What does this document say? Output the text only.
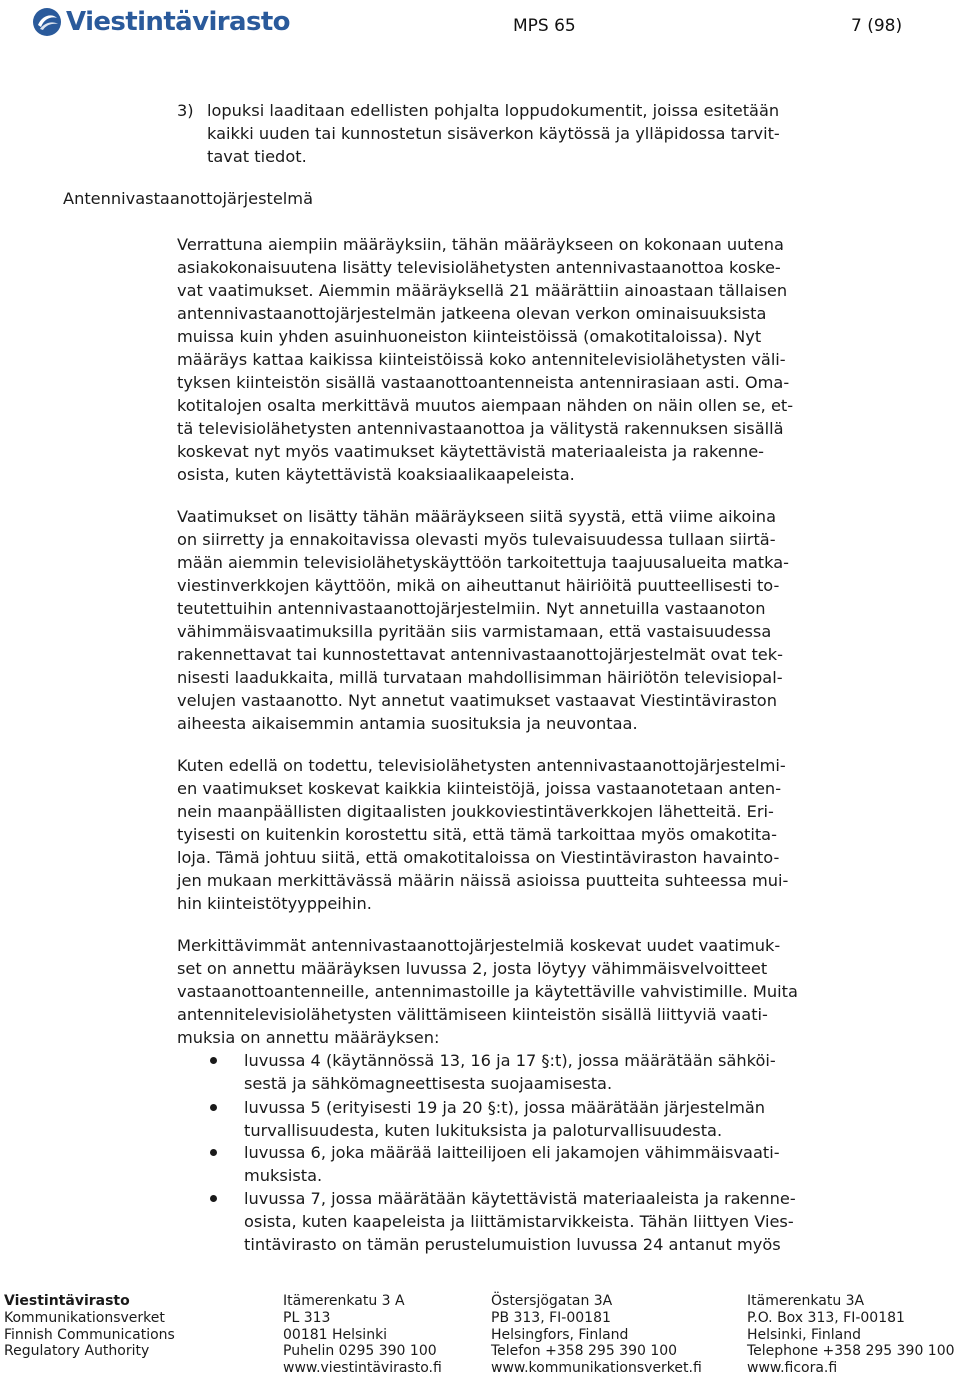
Viestintävirasto	MPS 65	7 (98)
3) lopuksi laaditaan edellisten pohjalta loppudokumentit, joissa esitetään
kaikki uuden tai kunnostetun sisäverkon käytössä ja ylläpidossa tarvit-
tavat tiedot.
Antennivastaanottojärjestelmä

Verrattuna aiempiin määräyksiin, tähän määräykseen on kokonaan uutena
asiakokonaisuutena lisätty televisiolähetysten antennivastaanottoa koske-
vat vaatimukset. Aiemmin määräyksellä 21 määrättiin ainoastaan tällaisen
antennivastaanottojärjestelmän jatkeena olevan verkon ominaisuuksista
muissa kuin yhden asuinhuoneiston kiinteistöissä (omakotitaloissa). Nyt
määräys kattaa kaikissa kiinteistöissä koko antennitelevisiolähetysten väli-
tyksen kiinteistön sisällä vastaanottoantenneista antennirasiaan asti. Oma-
kotitalojen osalta merkittävä muutos aiempaan nähden on näin ollen se, et-
tä televisiolähetysten antennivastaanottoa ja välitystä rakennuksen sisällä
koskevat nyt myös vaatimukset käytettävistä materiaaleista ja rakenne-
osista, kuten käytettävistä koaksiaalikaapeleista.

Vaatimukset on lisätty tähän määräykseen siitä syystä, että viime aikoina
on siirretty ja ennakoitavissa olevasti myös tulevaisuudessa tullaan siirtä-
mään aiemmin televisiolähetyskäyttöön tarkoitettuja taajuusalueita matka-
viestinverkkojen käyttöön, mikä on aiheuttanut häiriöitä puutteellisesti to-
teutettuihin antennivastaanottojärjestelmiin. Nyt annetuilla vastaanoton
vähimmäisvaatimuksilla pyritään siis varmistamaan, että vastaisuudessa
rakennettavat tai kunnostettavat antennivastaanottojärjestelmät ovat tek-
nisesti laadukkaita, millä turvataan mahdollisimman häiriötön televisiopal-
velujen vastaanotto. Nyt annetut vaatimukset vastaavat Viestintäviraston
aiheesta aikaisemmin antamia suosituksia ja neuvontaa.

Kuten edellä on todettu, televisiolähetysten antennivastaanottojärjestelmi-
en vaatimukset koskevat kaikkia kiinteistöjä, joissa vastaanotetaan anten-
nein maanpäällisten digitaalisten joukkoviestintäverkkojen lähetteitä. Eri-
tyisesti on kuitenkin korostettu sitä, että tämä tarkoittaa myös omakotita-
loja. Tämä johtuu siitä, että omakotitaloissa on Viestintäviraston havainto-
jen mukaan merkittävässä määrin näissä asioissa puutteita suhteessa mui-
hin kiinteistötyyppeihin.

Merkittävimmät antennivastaanottojärjestelmiä koskevat uudet vaatimuk-
set on annettu määräyksen luvussa 2, josta löytyy vähimmäisvelvoitteet
vastaanottoantenneille, antennimastoille ja käytettäville vahvistimille. Muita
antennitelevisiolähetysten välittämiseen kiinteistön sisällä liittyviä vaati-
muksia on annettu määräyksen:

luvussa 4 (käytännössä 13, 16 ja 17 §:t), jossa määrätään sähköi-
sestä ja sähkömagneettisesta suojaamisesta.
luvussa 5 (erityisesti 19 ja 20 §:t), jossa määrätään järjestelmän
turvallisuudesta, kuten lukituksista ja paloturvallisuudesta.
luvussa 6, joka määrää laitteilijoen eli jakamojen vähimmäisvaati-
muksista.
luvussa 7, jossa määrätään käytettävistä materiaaleista ja rakenne-
osista, kuten kaapeleista ja liittämistarvikkeista. Tähän liittyen Vies-
tintävirasto on tämän perustelumuistion luvussa 24 antanut myös
Viestintävirasto
Kommunikationsverket
Finnish Communications
Regulatory Authority
Itämerenkatu 3 A
PL 313
00181 Helsinki
Puhelin 0295 390 100
www.viestintävirasto.fi
Östersjögatan 3A
PB 313, FI-00181
Helsingfors, Finland
Telefon +358 295 390 100
www.kommunikationsverket.fi
Itämerenkatu 3A
P.O. Box 313, FI-00181
Helsinki, Finland
Telephone +358 295 390 100
www.ficora.fi
